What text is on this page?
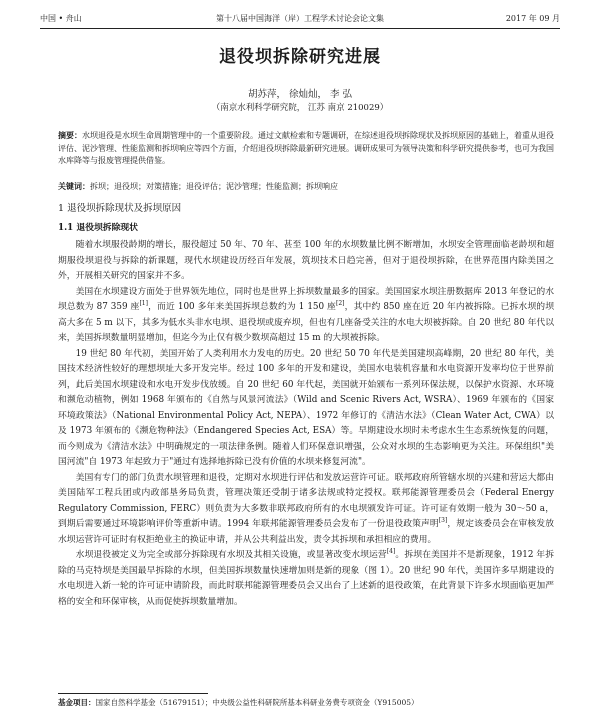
中国 • 舟山	第十八届中国海洋（岸）工程学术讨论会论文集	2017 年 09 月
退役坝拆除研究进展
胡苏萍， 徐灿灿， 李 弘
（南京水利科学研究院， 江苏 南京 210029）
摘要：水坝退役是水坝生命周期管理中的一个重要阶段。通过文献检索和专题调研，在综述退役坝拆除现状及拆坝原因的基础上，着重从退役评估、泥沙管理、性能监测和拆坝响应等四个方面，介绍退役坝拆除最新研究进展。调研成果可为领导决策和科学研究提供参考，也可为我国水库降等与报废管理提供借鉴。
关键词：拆坝；退役坝；对策措施；退役评估；泥沙管理；性能监测；拆坝响应
1 退役坝拆除现状及拆坝原因
1.1 退役坝拆除现状

随着水坝服役龄期的增长，服役超过 50 年、70 年、甚至 100 年的水坝数量比例不断增加，水坝安全管理面临老龄坝和超期服役坝退役与拆除的新课题，现代水坝建设历经百年发展，筑坝技术日趋完善，但对于退役坝拆除，在世界范围内除美国之外，开展相关研究的国家并不多。

美国在水坝建设方面处于世界领先地位，同时也是世界上拆坝数量最多的国家。美国国家水坝注册数据库 2013 年登记的水坝总数为 87 359 座[1]，而近 100 多年来美国拆坝总数约为 1 150 座[2]，其中约 850 座在近 20 年内被拆除。已拆水坝的坝高大多在 5 m 以下，其多为低水头非水电坝、退役坝或废弃坝，但也有几座备受关注的水电大坝被拆除。自 20 世纪 80 年代以来，美国拆坝数量明显增加，但迄今为止仅有极少数坝高超过 15 m 的大坝被拆除。

19 世纪 80 年代初，美国开始了人类利用水力发电的历史。20 世纪 50 70 年代是美国建坝高峰期，20 世纪 80 年代，美国技术经济性较好的理想坝址大多开发完毕。经过 100 多年的开发和建设，美国水电装机容量和水电资源开发率均位于世界前列，此后美国水坝建设和水电开发步伐放缓。自 20 世纪 60 年代起，美国就开始颁布一系列环保法规，以保护水资源、水环境和濒危动植物，例如 1968 年颁布的《自然与风景河流法》（Wild and Scenic Rivers Act, WSRA）、1969 年颁布的《国家环境政策法》（National Environmental Policy Act, NEPA）、1972 年修订的《清洁水法》（Clean Water Act, CWA）以及 1973 年颁布的《濒危物种法》（Endangered Species Act, ESA）等。早期建设水坝时未考虑水生生态系统恢复的问题，而今则成为《清洁水法》中明确规定的一项法律条例。随着人们环保意识增强，公众对水坝的生态影响更为关注。环保组织"美国河流"自 1973 年起致力于"通过有选择地拆除已没有价值的水坝来修复河流"。

美国有专门的部门负责水坝管理和退役，定期对水坝进行评估和发放运营许可证。联邦政府所管辖水坝的兴建和营运大都由美国陆军工程兵团或内政部垦务局负责，管理决策还受制于诸多法规或特定授权。联邦能源管理委员会（Federal Energy Regulatory Commission, FERC）则负责为大多数非联邦政府所有的水电坝颁发许可证。许可证有效期一般为 30～50 a，到期后需要通过环境影响评价等重新申请。1994 年联邦能源管理委员会发布了一份退役政策声明[3]，规定该委员会在审核发放水坝运营许可证时有权拒绝业主的换证申请，并从公共利益出发，责令其拆坝和承担相应的费用。

水坝退役被定义为完全或部分拆除现有水坝及其相关设施，或显著改变水坝运营[4]。拆坝在美国并不是新现象，1912 年拆除的马克特坝是美国最早拆除的水坝，但美国拆坝数量快速增加则是新的现象（图 1）。20 世纪 90 年代，美国许多早期建设的水电坝进入新一轮的许可证申请阶段，而此时联邦能源管理委员会又出台了上述新的退役政策，在此背景下许多水坝面临更加严格的安全和环保审核，从而促使拆坝数量增加。

基金项目：国家自然科学基金（51679151）；中央级公益性科研院所基本科研业务费专项资金（Y915005）
